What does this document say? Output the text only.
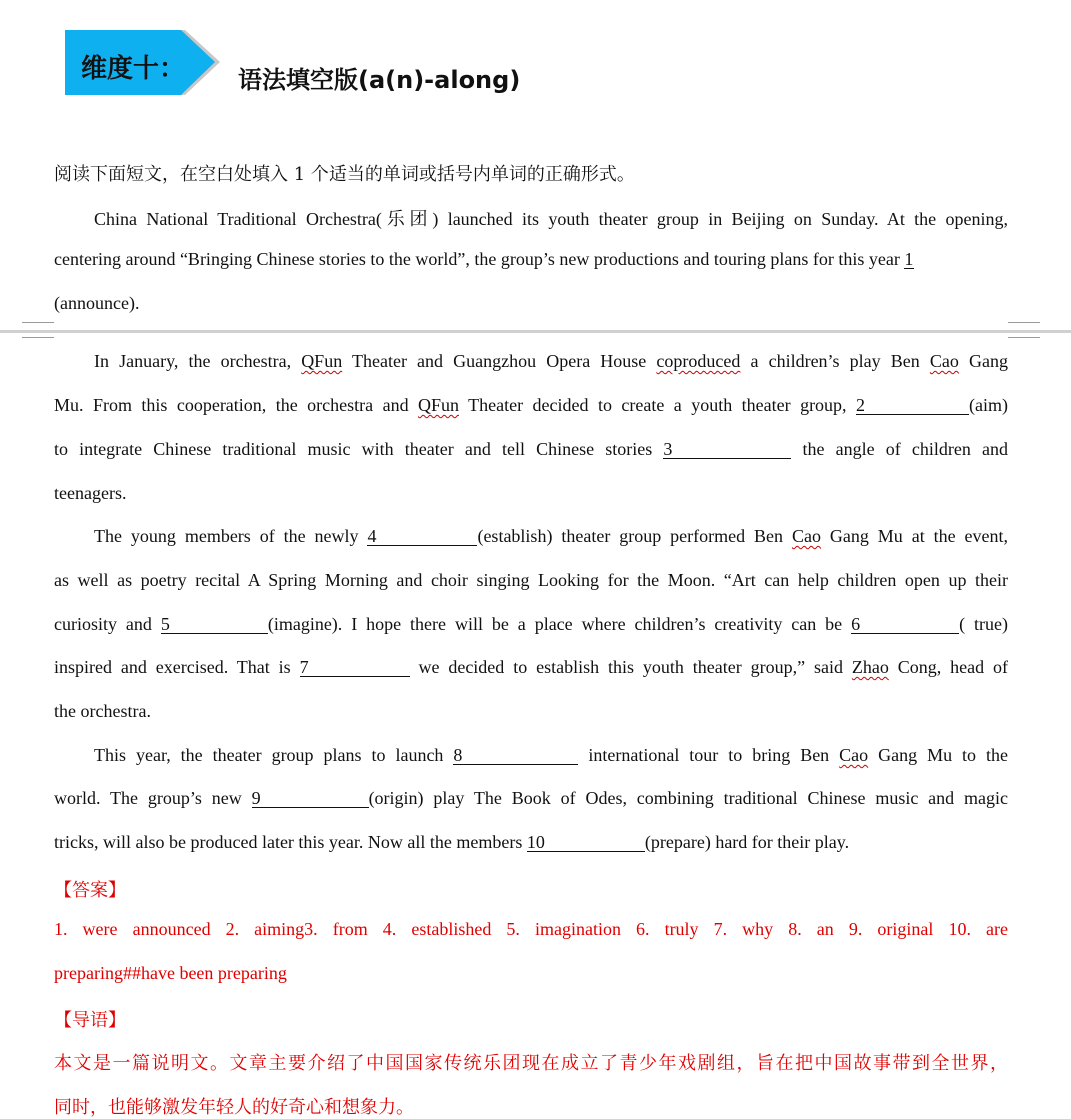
维度十： 语法填空版(a(n)-along)
阅读下面短文，在空白处填入 1 个适当的单词或括号内单词的正确形式。
China National Traditional Orchestra(乐团) launched its youth theater group in Beijing on Sunday. At the opening,
centering around “Bringing Chinese stories to the world”, the group’s new productions and touring plans for this year 1
(announce).
In January, the orchestra, QFun Theater and Guangzhou Opera House coproduced a children’s play Ben Cao Gang
Mu. From this cooperation, the orchestra and QFun Theater decided to create a youth theater group, 2	(aim)
to integrate Chinese traditional music with theater and tell Chinese stories 3	the angle of children and
teenagers.
The young members of the newly 4	(establish) theater group performed Ben Cao Gang Mu at the event,
as well as poetry recital A Spring Morning and choir singing Looking for the Moon. “Art can help children open up their
curiosity and 5	(imagine). I hope there will be a place where children’s creativity can be 6	( true)
inspired and exercised. That is 7	we decided to establish this youth theater group,” said Zhao Cong, head of
the orchestra.
This year, the theater group plans to launch 8	international tour to bring Ben Cao Gang Mu to the
world. The group’s new 9	(origin) play The Book of Odes, combining traditional Chinese music and magic
tricks, will also be produced later this year. Now all the members 10	(prepare) hard for their play.
【答案】
1. were announced 2. aiming3. from 4. established 5. imagination 6. truly 7. why 8. an 9. original 10. are
preparing##have been preparing
【导语】
本文是一篇说明文。文章主要介绍了中国国家传统乐团现在成立了青少年戏剧组，旨在把中国故事带到全世界，
同时，也能够激发年轻人的好奇心和想象力。
